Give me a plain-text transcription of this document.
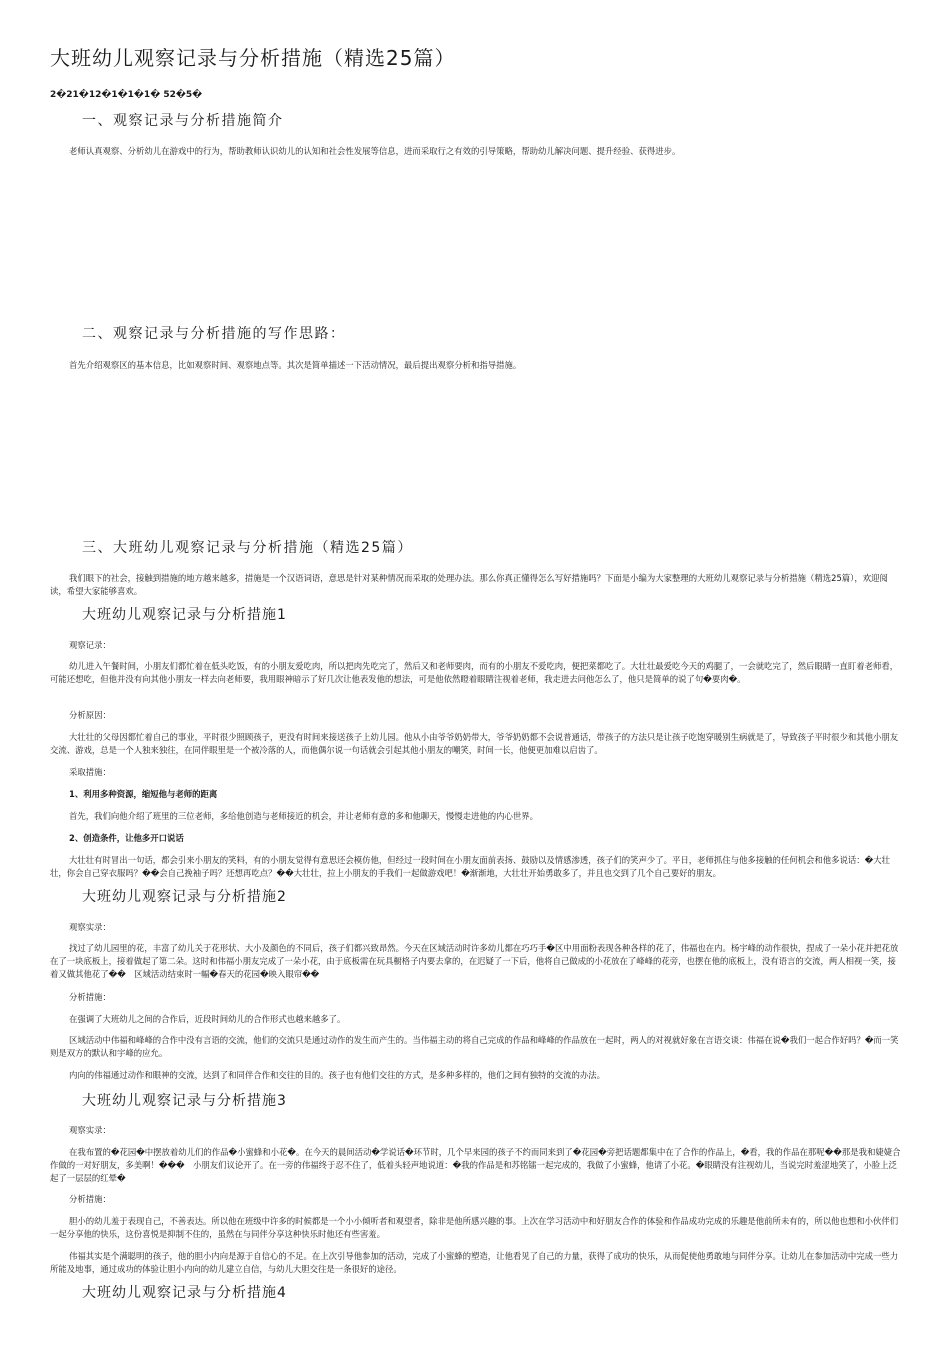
大班幼儿观察记录与分析措施（精选25篇）
2�21�12�1�1�1� 52�5�
一、观察记录与分析措施简介

老师认真观察、分析幼儿在游戏中的行为，帮助教师认识幼儿的认知和社会性发展等信息，进而采取行之有效的引导策略，帮助幼儿解决问题、提升经验、获得进步。

二、观察记录与分析措施的写作思路：

首先介绍观察区的基本信息，比如观察时间、观察地点等。其次是简单描述一下活动情况，最后提出观察分析和指导措施。

三、大班幼儿观察记录与分析措施（精选25篇）

我们眼下的社会，接触到措施的地方越来越多，措施是一个汉语词语，意思是针对某种情况而采取的处理办法。那么你真正懂得怎么写好措施吗？下面是小编为大家整理的大班幼儿观察记录与分析措施（精选25篇），欢迎阅读，希望大家能够喜欢。

大班幼儿观察记录与分析措施1

观察记录：

幼儿进入午餐时间，小朋友们都忙着在低头吃饭，有的小朋友爱吃肉，所以把肉先吃完了，然后又和老师要肉，而有的小朋友不爱吃肉，便把菜都吃了。大壮壮最爱吃今天的鸡腿了，一会就吃完了，然后眼睛一直盯着老师看，可能还想吃，但他并没有向其他小朋友一样去向老师要，我用眼神暗示了好几次让他表发他的想法，可是他依然瞪着眼睛注视着老师，我走进去问他怎么了，他只是简单的说了句�要肉�。

分析原因：

大壮壮的父母因都忙着自己的事业，平时很少照顾孩子，更没有时间来接送孩子上幼儿园。他从小由爷爷奶奶带大，爷爷奶奶都不会说普通话，带孩子的方法只是让孩子吃饱穿暖别生病就是了，导致孩子平时很少和其他小朋友交流、游戏，总是一个人独来独往，在同伴眼里是一个被冷落的人，而他偶尔说一句话就会引起其他小朋友的嘲笑，时间一长，他便更加难以启齿了。

采取措施：

1、利用多种资源，缩短他与老师的距离

首先，我们向他介绍了班里的三位老师，多给他创造与老师接近的机会，并让老师有意的多和他聊天，慢慢走进他的内心世界。

2、创造条件，让他多开口说话

大壮壮有时冒出一句话，都会引来小朋友的笑料，有的小朋友觉得有意思还会模仿他，但经过一段时间在小朋友面前表扬、鼓励以及情感渗透，孩子们的笑声少了。平日，老师抓住与他多接触的任何机会和他多说话：�大壮壮，你会自己穿衣服吗？��会自己挽袖子吗？还想再吃点？��大壮壮，拉上小朋友的手我们一起做游戏吧！�渐渐地，大壮壮开始勇敢多了，并且也交到了几个自己要好的朋友。

大班幼儿观察记录与分析措施2

观察实录：

找过了幼儿园里的花，丰富了幼儿关于花形状、大小及颜色的不同后，孩子们都兴致昂然。今天在区域活动时许多幼儿都在巧巧手�区中用面粉表现各种各样的花了，伟福也在内。杨宇峰的动作很快，捏成了一朵小花并把花放在了一块底板上，接着做起了第二朵。这时和伟福小朋友完成了一朵小花，由于底板需在玩具橱格子内要去拿的，在迟疑了一下后，他将自己做成的小花放在了峰峰的花旁，也摆在他的底板上，没有语言的交流，两人相视一笑，接着又做其他花了��　区域活动结束时一幅�春天的花园�映入眼帘��

分析措施：

在强调了大班幼儿之间的合作后，近段时间幼儿的合作形式也越来越多了。

区域活动中伟福和峰峰的合作中没有言语的交流，他们的交流只是通过动作的发生而产生的。当伟福主动的将自己完成的作品和峰峰的作品放在一起时，两人的对视就好象在言语交谈：伟福在说�我们一起合作好吗？�而一笑则是双方的默认和宇峰的应允。

内向的伟福通过动作和眼神的交流，达到了和同伴合作和交往的目的。孩子也有他们交往的方式，是多种多样的，他们之间有独特的交流的办法。

大班幼儿观察记录与分析措施3

观察实录：

在我布置的�花园�中摆放着幼儿们的作品�小蜜蜂和小花�。在今天的晨间活动�学说话�环节时，几个早来园的孩子不约而同来到了�花园�旁把话题都集中在了合作的作品上，�看，我的作品在那呢��那是我和婕婕合作做的一对好朋友，多美啊！���　小朋友们议论开了。在一旁的伟福终于忍不住了，低着头轻声地说道：�我的作品是和苏铭镭一起完成的，我做了小蜜蜂，他请了小花。�眼睛没有注视幼儿，当说完时羞涩地笑了，小脸上泛起了一层层的红晕�

分析措施：

胆小的幼儿羞于表现自己，不善表达。所以他在班级中许多的时候都是一个小小倾听者和观望者，除非是他所感兴趣的事。上次在学习活动中和好朋友合作的体验和作品成功完成的乐趣是他前所未有的，所以他也想和小伙伴们一起分享他的快乐，这份喜悦是抑制不住的，虽然在与同伴分享这种快乐时他还有些害羞。

伟福其实是个满聪明的孩子，他的胆小内向是源于自信心的不足。在上次引导他参加的活动，完成了小蜜蜂的塑造，让他看见了自己的力量，获得了成功的快乐，从而促使他勇敢地与同伴分享。让幼儿在参加活动中完成一些力所能及地事，通过成功的体验让胆小内向的幼儿建立自信，与幼儿大胆交往是一条很好的途径。

大班幼儿观察记录与分析措施4
